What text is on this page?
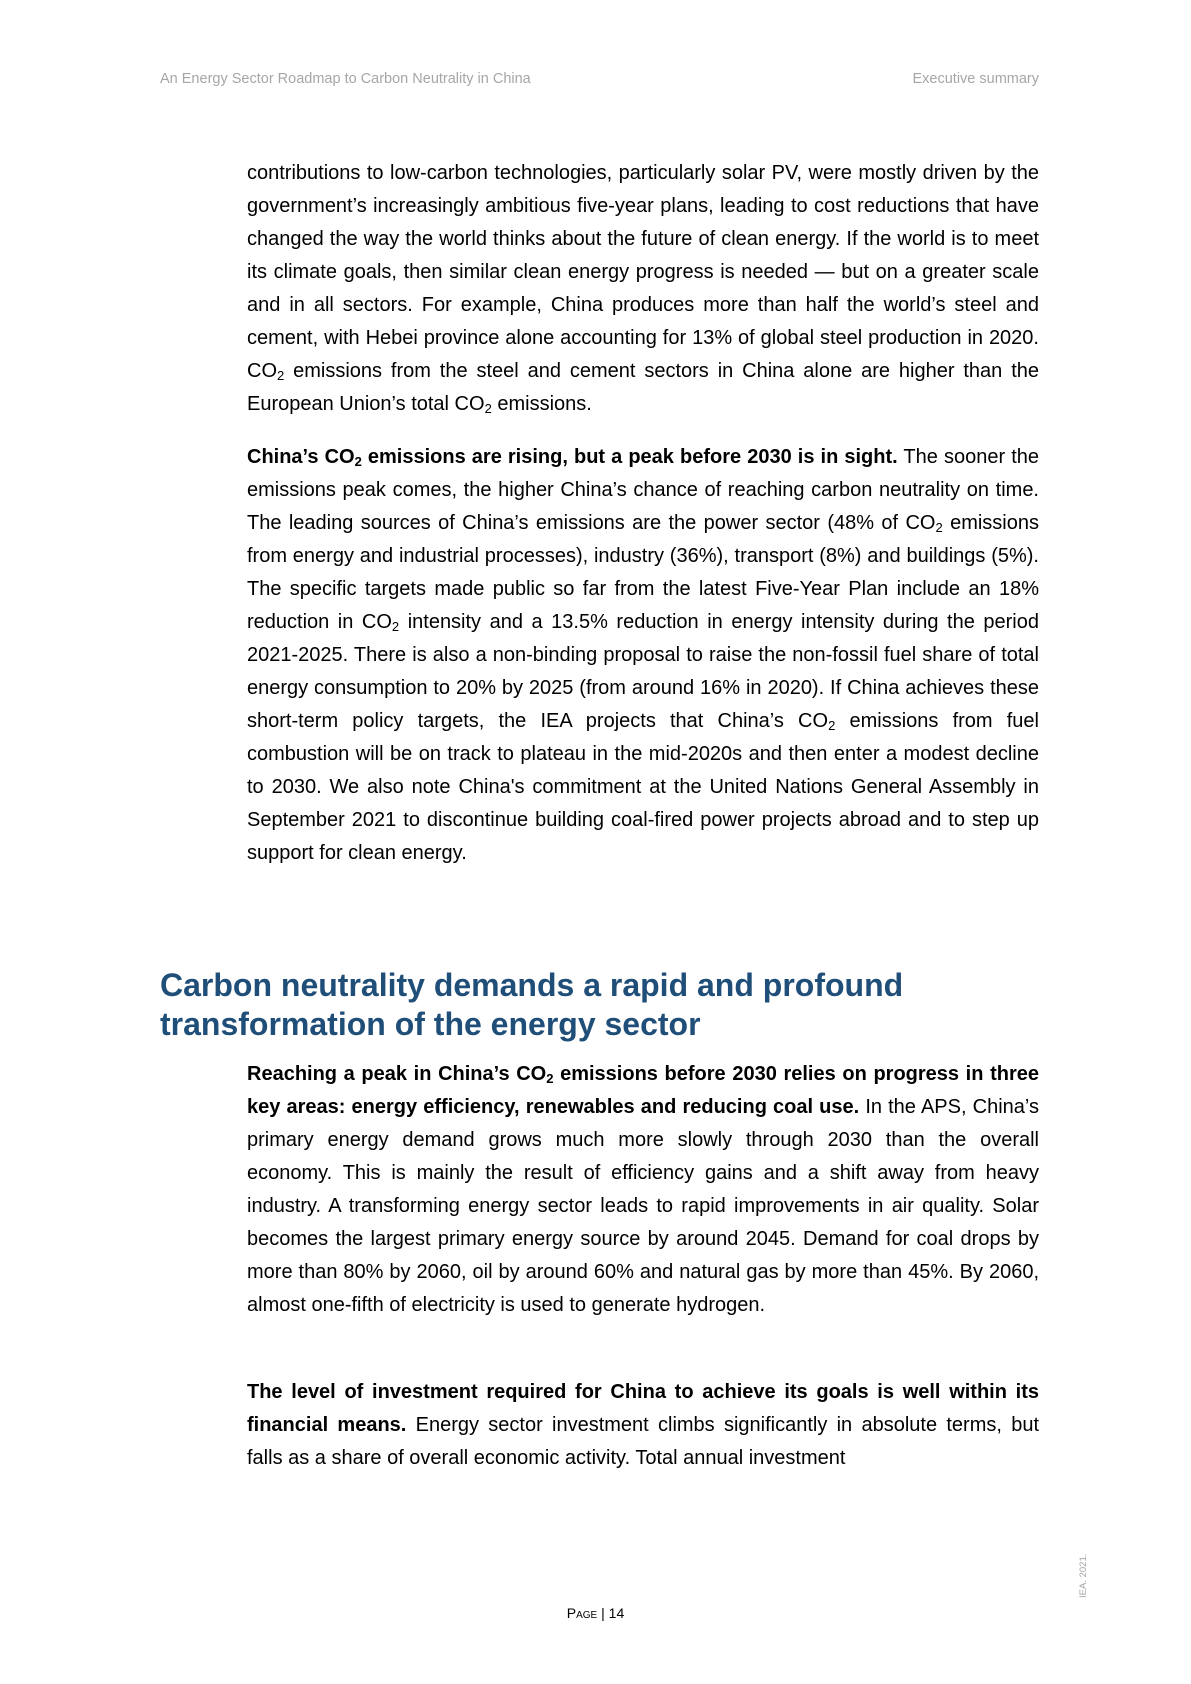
An Energy Sector Roadmap to Carbon Neutrality in China	Executive summary

contributions to low-carbon technologies, particularly solar PV, were mostly driven by the government’s increasingly ambitious five-year plans, leading to cost reductions that have changed the way the world thinks about the future of clean energy. If the world is to meet its climate goals, then similar clean energy progress is needed — but on a greater scale and in all sectors. For example, China produces more than half the world’s steel and cement, with Hebei province alone accounting for 13% of global steel production in 2020. $CO_2$ emissions from the steel and cement sectors in China alone are higher than the European Union’s total $CO_2$ emissions.

China’s $CO_2$ emissions are rising, but a peak before 2030 is in sight. The sooner the emissions peak comes, the higher China’s chance of reaching carbon neutrality on time. The leading sources of China’s emissions are the power sector (48% of $CO_2$ emissions from energy and industrial processes), industry (36%), transport (8%) and buildings (5%). The specific targets made public so far from the latest Five-Year Plan include an 18% reduction in $CO_2$ intensity and a 13.5% reduction in energy intensity during the period 2021-2025. There is also a non-binding proposal to raise the non-fossil fuel share of total energy consumption to 20% by 2025 (from around 16% in 2020). If China achieves these short-term policy targets, the IEA projects that China’s $CO_2$ emissions from fuel combustion will be on track to plateau in the mid-2020s and then enter a modest decline to 2030. We also note China's commitment at the United Nations General Assembly in September 2021 to discontinue building coal-fired power projects abroad and to step up support for clean energy.

Carbon neutrality demands a rapid and profound transformation of the energy sector

Reaching a peak in China’s $CO_2$ emissions before 2030 relies on progress in three key areas: energy efficiency, renewables and reducing coal use. In the APS, China’s primary energy demand grows much more slowly through 2030 than the overall economy. This is mainly the result of efficiency gains and a shift away from heavy industry. A transforming energy sector leads to rapid improvements in air quality. Solar becomes the largest primary energy source by around 2045. Demand for coal drops by more than 80% by 2060, oil by around 60% and natural gas by more than 45%. By 2060, almost one-fifth of electricity is used to generate hydrogen.

The level of investment required for China to achieve its goals is well within its financial means. Energy sector investment climbs significantly in absolute terms, but falls as a share of overall economic activity. Total annual investment

Page | 14
IEA. 2021.
